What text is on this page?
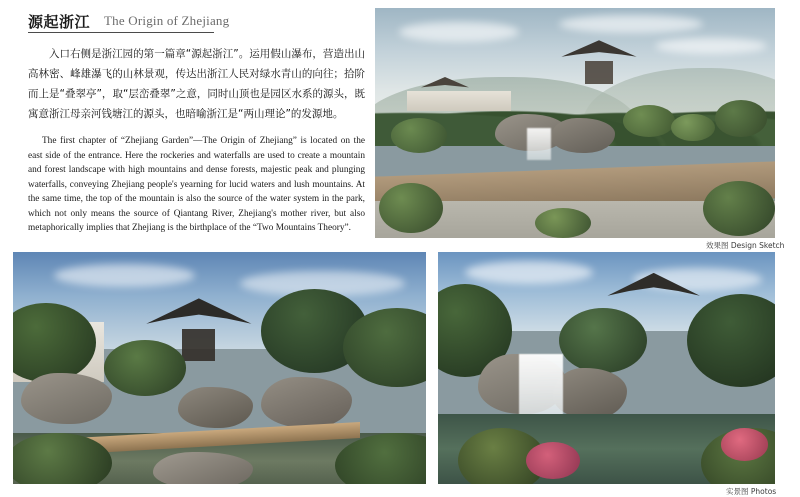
源起浙江 The Origin of Zhejiang

入口右侧是浙江园的第一篇章“源起浙江”。运用假山瀑布，营造出山高林密、峰雄瀑飞的山林景观，传达出浙江人民对绿水青山的向往；拾阶而上是“叠翠亭”，取“层峦叠翠”之意，同时山顶也是园区水系的源头，既寓意浙江母亲河钱塘江的源头，也暗喻浙江是“两山理论”的发源地。

The first chapter of “Zhejiang Garden”—The Origin of Zhejiang” is located on the east side of the entrance. Here the rockeries and waterfalls are used to create a mountain and forest landscape with high mountains and dense forests, majestic peak and plunging waterfalls, conveying Zhejiang people's yearning for lucid waters and lush mountains. At the same time, the top of the mountain is also the source of the water system in the park, which not only means the source of Qiantang River, Zhejiang's mother river, but also metaphorically implies that Zhejiang is the birthplace of the “Two Mountains Theory”.

效果图 Design Sketch
实景图 Photos
